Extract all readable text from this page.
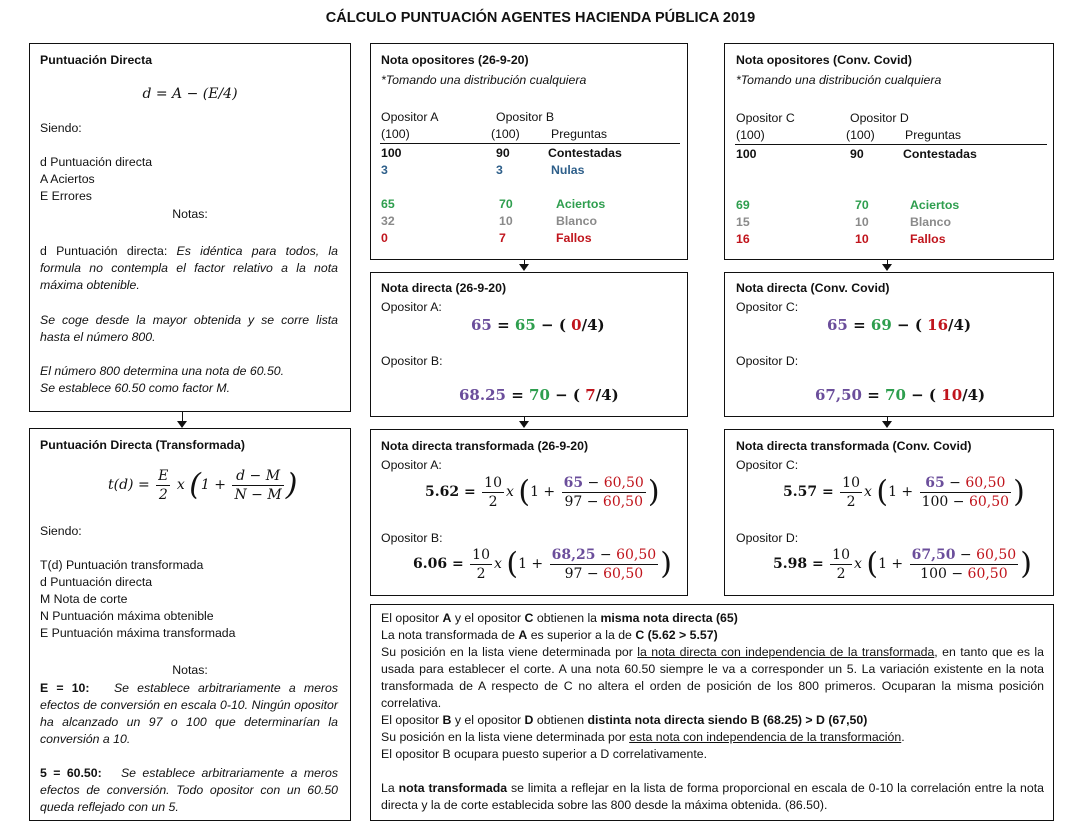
CÁLCULO PUNTUACIÓN AGENTES HACIENDA PÚBLICA 2019
Puntuación Directa
d = A − (E/4)
Siendo:
d Puntuación directa
A Aciertos
E Errores
Notas:
d Puntuación directa: Es idéntica para todos, la formula no contempla el factor relativo a la nota máxima obtenible.
Se coge desde la mayor obtenida y se corre lista hasta el número 800.
El número 800 determina una nota de 60.50.
Se establece 60.50 como factor M.
Puntuación Directa (Transformada)
$t(d) = \frac{E}{2}$ x ($1 + \frac{d - M}{N - M}$ )
Siendo:
T(d) Puntuación transformada
d Puntuación directa
M Nota de corte
N Puntuación máxima obtenible
E Puntuación máxima transformada
Notas:
E = 10: Se establece arbitrariamente a meros efectos de conversión en escala 0-10. Ningún opositor ha alcanzado un 97 o 100 que determinarían la conversión a 10.
5 = 60.50: Se establece arbitrariamente a meros efectos de conversión. Todo opositor con un 60.50 queda reflejado con un 5.
Nota opositores (26-9-20)
*Tomando una distribución cualquiera
Opositor A	Opositor B
(100)	(100)	Preguntas
100	90	Contestadas
3	3	Nulas
65	70	Aciertos
32	10	Blanco
0	7	Fallos
Nota opositores (Conv. Covid)
*Tomando una distribución cualquiera
Opositor C	Opositor D
(100)	(100) Preguntas
100	90	Contestadas
69	70	Aciertos
15	10	Blanco
16	10	Fallos
Nota directa (26-9-20)
Opositor A:
65 = 65 − ( 0/4)
Opositor B:
68.25 = 70 − ( 7/4)
Nota directa (Conv. Covid)
Opositor C:
65 = 69 − ( 16/4)
Opositor D:
67,50 = 70 − ( 10/4)
Nota directa transformada (26-9-20)
Opositor A:
$5.62 = \frac{10}{2}$ x ($1 + \frac{65 - 60,50}{97 - 60,50}$ )
Opositor B:
$6.06 = \frac{10}{2}$ x ($1 + \frac{68,25 - 60,50}{97 - 60,50}$ )
Nota directa transformada (Conv. Covid)
Opositor C:
$5.57 = \frac{10}{2}$ x ($1 + \frac{65 - 60,50}{100 - 60,50}$ )
Opositor D:
$5.98 = \frac{10}{2}$ x ($1 + \frac{67,50 - 60,50}{100 - 60,50}$ )
El opositor A y el opositor C obtienen la misma nota directa (65)
La nota transformada de A es superior a la de C (5.62 > 5.57)
Su posición en la lista viene determinada por la nota directa con independencia de la transformada, en tanto que es la usada para establecer el corte. A una nota 60.50 siempre le va a corresponder un 5. La variación existente en la nota transformada de A respecto de C no altera el orden de posición de los 800 primeros. Ocuparan la misma posición correlativa.
El opositor B y el opositor D obtienen distinta nota directa siendo B (68.25) > D (67,50)
Su posición en la lista viene determinada por esta nota con independencia de la transformación.
El opositor B ocupara puesto superior a D correlativamente.
La nota transformada se limita a reflejar en la lista de forma proporcional en escala de 0-10 la correlación entre la nota directa y la de corte establecida sobre las 800 desde la máxima obtenida. (86.50).
